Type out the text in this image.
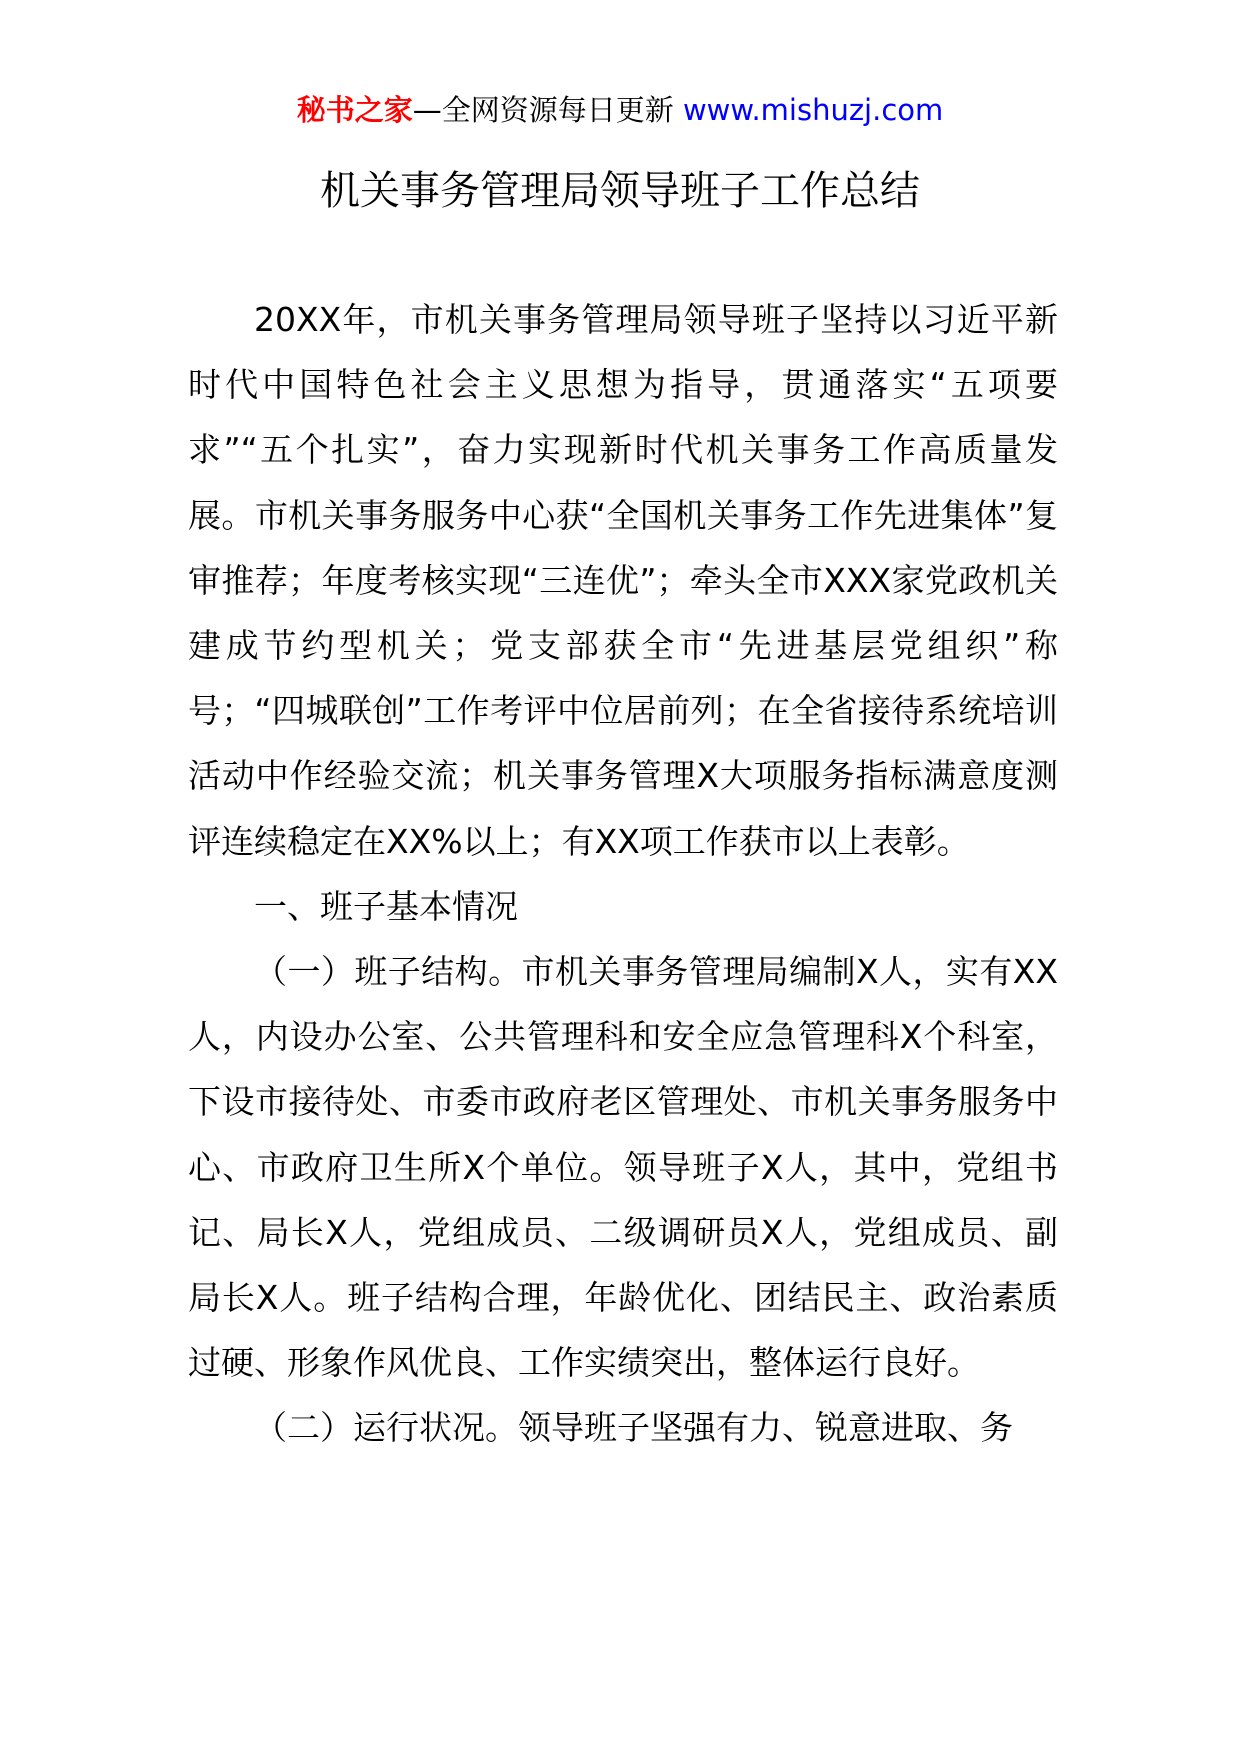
秘书之家—全网资源每日更新 www.mishuzj.com
机关事务管理局领导班子工作总结

20XX年，市机关事务管理局领导班子坚持以习近平新时代中国特色社会主义思想为指导，贯通落实“五项要求”“五个扎实”，奋力实现新时代机关事务工作高质量发展。市机关事务服务中心获“全国机关事务工作先进集体”复审推荐；年度考核实现“三连优”；牵头全市XXX家党政机关建成节约型机关；党支部获全市“先进基层党组织”称号；“四城联创”工作考评中位居前列；在全省接待系统培训活动中作经验交流；机关事务管理X大项服务指标满意度测评连续稳定在XX%以上；有XX项工作获市以上表彰。

一、班子基本情况

（一）班子结构。市机关事务管理局编制X人，实有XX人，内设办公室、公共管理科和安全应急管理科X个科室，下设市接待处、市委市政府老区管理处、市机关事务服务中心、市政府卫生所X个单位。领导班子X人，其中，党组书记、局长X人，党组成员、二级调研员X人，党组成员、副局长X人。班子结构合理，年龄优化、团结民主、政治素质过硬、形象作风优良、工作实绩突出，整体运行良好。

（二）运行状况。领导班子坚强有力、锐意进取、务
